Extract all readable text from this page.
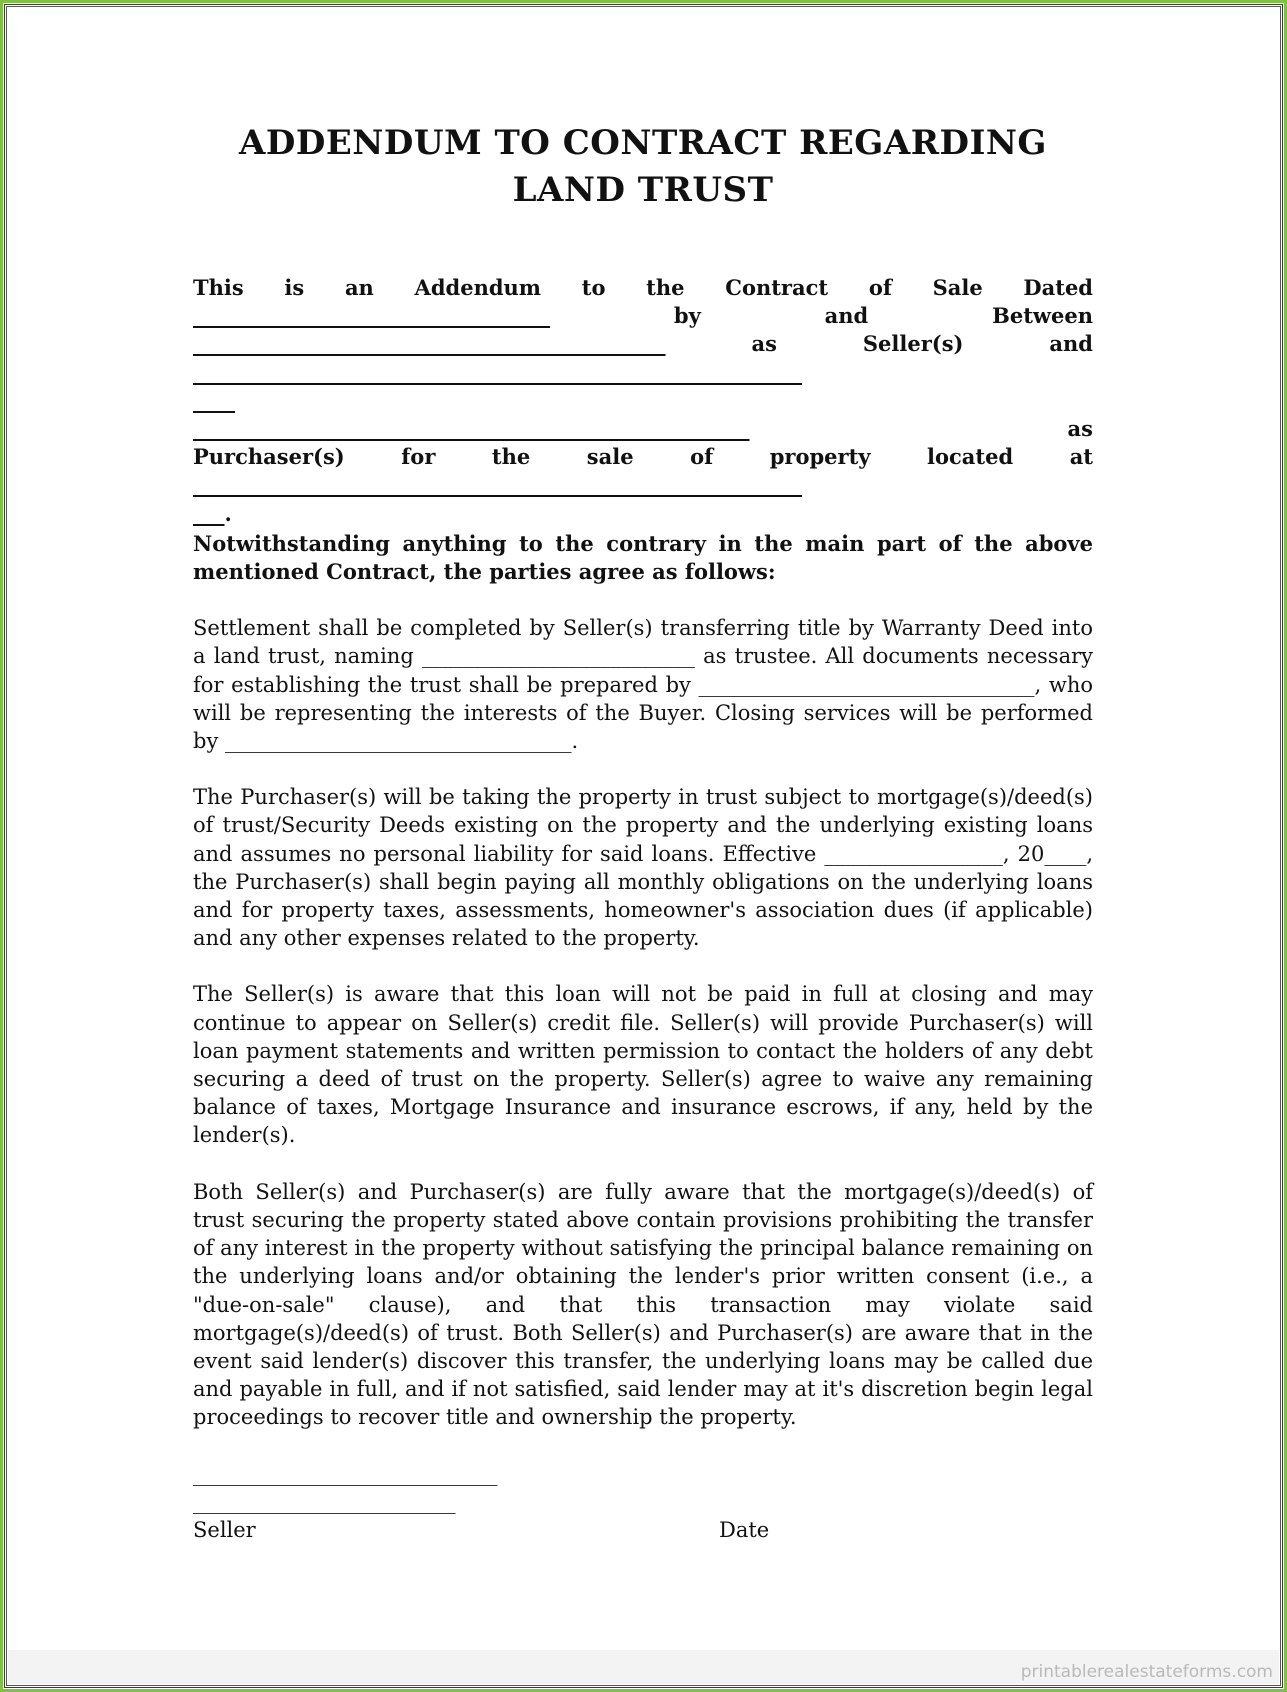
ADDENDUM TO CONTRACT REGARDING
LAND TRUST
This is an Addendum to the Contract of Sale Dated
__________________________________ by and Between
_____________________________________________ as Seller(s) and
__________________________________________________________
____
_____________________________________________________ as
Purchaser(s) for the sale of property located at
__________________________________________________________
___.
Notwithstanding anything to the contrary in the main part of the above mentioned Contract, the parties agree as follows:
Settlement shall be completed by Seller(s) transferring title by Warranty Deed into a land trust, naming __________________________ as trustee. All documents necessary for establishing the trust shall be prepared by ________________________________, who will be representing the interests of the Buyer. Closing services will be performed by _________________________________.
The Purchaser(s) will be taking the property in trust subject to mortgage(s)/deed(s) of trust/Security Deeds existing on the property and the underlying existing loans and assumes no personal liability for said loans. Effective _________________, 20____, the Purchaser(s) shall begin paying all monthly obligations on the underlying loans and for property taxes, assessments, homeowner's association dues (if applicable) and any other expenses related to the property.
The Seller(s) is aware that this loan will not be paid in full at closing and may continue to appear on Seller(s) credit file. Seller(s) will provide Purchaser(s) will loan payment statements and written permission to contact the holders of any debt securing a deed of trust on the property. Seller(s) agree to waive any remaining balance of taxes, Mortgage Insurance and insurance escrows, if any, held by the lender(s).
Both Seller(s) and Purchaser(s) are fully aware that the mortgage(s)/deed(s) of trust securing the property stated above contain provisions prohibiting the transfer of any interest in the property without satisfying the principal balance remaining on the underlying loans and/or obtaining the lender's prior written consent (i.e., a "due-on-sale" clause), and that this transaction may violate said mortgage(s)/deed(s) of trust. Both Seller(s) and Purchaser(s) are aware that in the event said lender(s) discover this transfer, the underlying loans may be called due and payable in full, and if not satisfied, said lender may at it's discretion begin legal proceedings to recover title and ownership the property.
_____________________________
_________________________
Seller	Date
printablerealestateforms.com
